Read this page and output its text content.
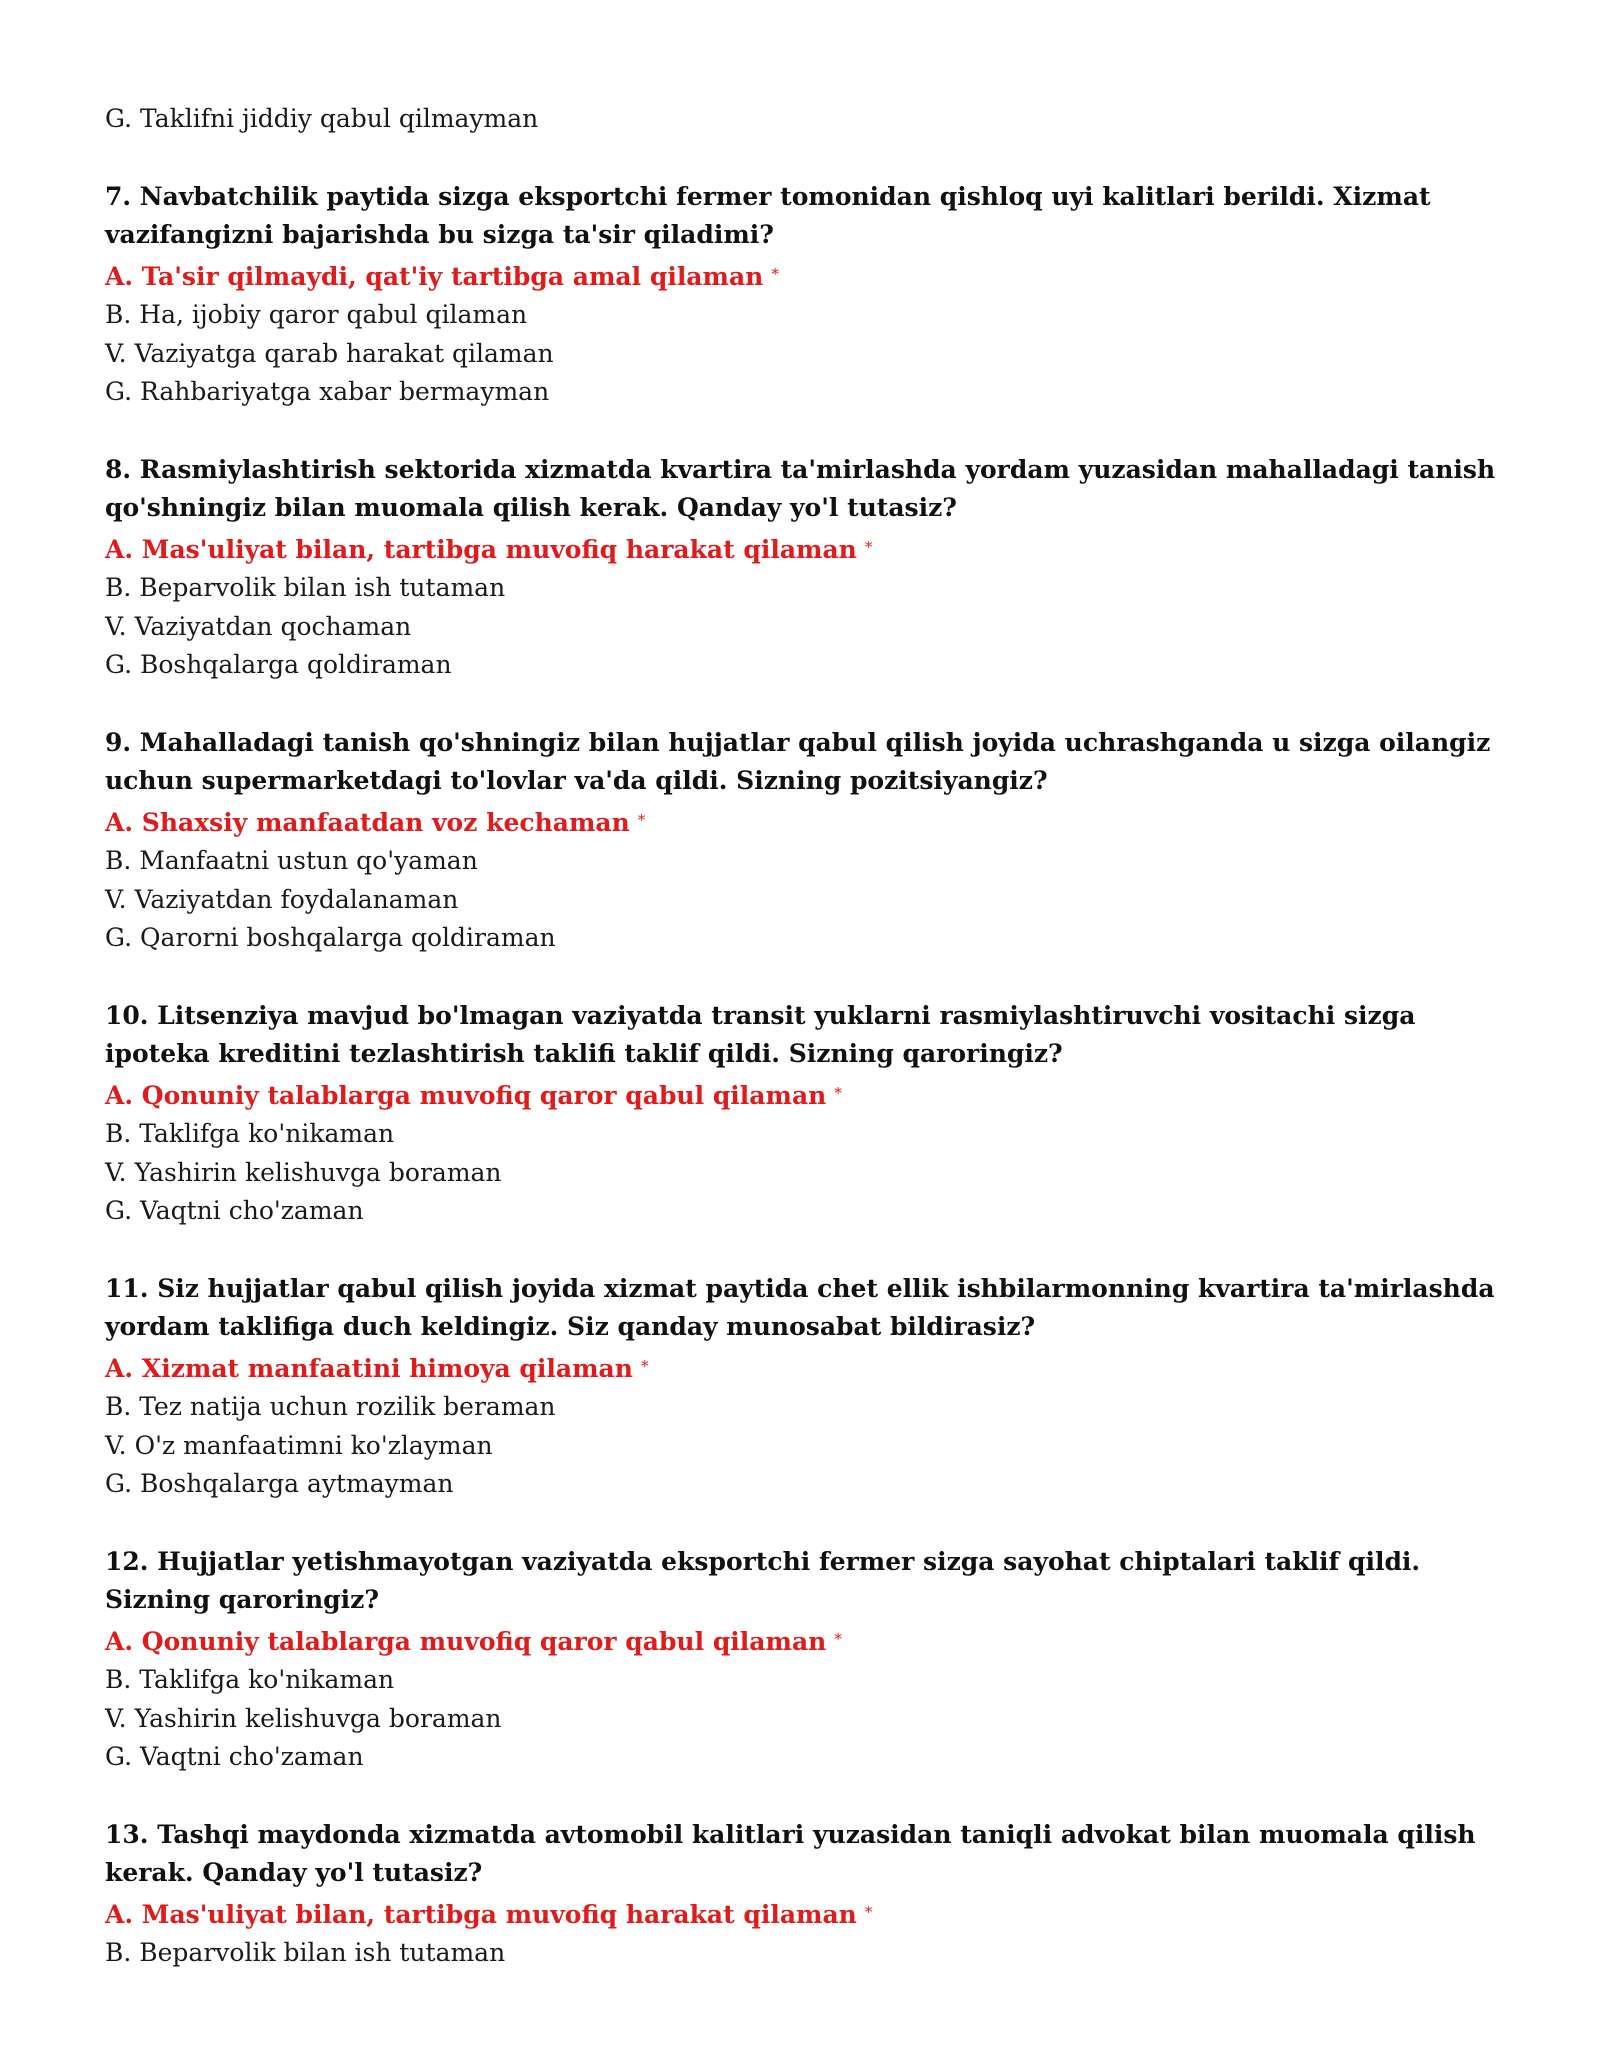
G. Taklifni jiddiy qabul qilmayman

7. Navbatchilik paytida sizga eksportchi fermer tomonidan qishloq uyi kalitlari berildi. Xizmat vazifangizni bajarishda bu sizga ta'sir qiladimi?

A. Ta'sir qilmaydi, qat'iy tartibga amal qilaman *

B. Ha, ijobiy qaror qabul qilaman

V. Vaziyatga qarab harakat qilaman

G. Rahbariyatga xabar bermayman

8. Rasmiylashtirish sektorida xizmatda kvartira ta'mirlashda yordam yuzasidan mahalladagi tanish qo'shningiz bilan muomala qilish kerak. Qanday yo'l tutasiz?

A. Mas'uliyat bilan, tartibga muvofiq harakat qilaman *

B. Beparvolik bilan ish tutaman

V. Vaziyatdan qochaman

G. Boshqalarga qoldiraman

9. Mahalladagi tanish qo'shningiz bilan hujjatlar qabul qilish joyida uchrashganda u sizga oilangiz uchun supermarketdagi to'lovlar va'da qildi. Sizning pozitsiyangiz?

A. Shaxsiy manfaatdan voz kechaman *

B. Manfaatni ustun qo'yaman

V. Vaziyatdan foydalanaman

G. Qarorni boshqalarga qoldiraman

10. Litsenziya mavjud bo'lmagan vaziyatda transit yuklarni rasmiylashtiruvchi vositachi sizga ipoteka kreditini tezlashtirish taklifi taklif qildi. Sizning qaroringiz?

A. Qonuniy talablarga muvofiq qaror qabul qilaman *

B. Taklifga ko'nikaman

V. Yashirin kelishuvga boraman

G. Vaqtni cho'zaman

11. Siz hujjatlar qabul qilish joyida xizmat paytida chet ellik ishbilarmonning kvartira ta'mirlashda yordam taklifiga duch keldingiz. Siz qanday munosabat bildirasiz?

A. Xizmat manfaatini himoya qilaman *

B. Tez natija uchun rozilik beraman

V. O'z manfaatimni ko'zlayman

G. Boshqalarga aytmayman

12. Hujjatlar yetishmayotgan vaziyatda eksportchi fermer sizga sayohat chiptalari taklif qildi. Sizning qaroringiz?

A. Qonuniy talablarga muvofiq qaror qabul qilaman *

B. Taklifga ko'nikaman

V. Yashirin kelishuvga boraman

G. Vaqtni cho'zaman

13. Tashqi maydonda xizmatda avtomobil kalitlari yuzasidan taniqli advokat bilan muomala qilish kerak. Qanday yo'l tutasiz?

A. Mas'uliyat bilan, tartibga muvofiq harakat qilaman *

B. Beparvolik bilan ish tutaman
